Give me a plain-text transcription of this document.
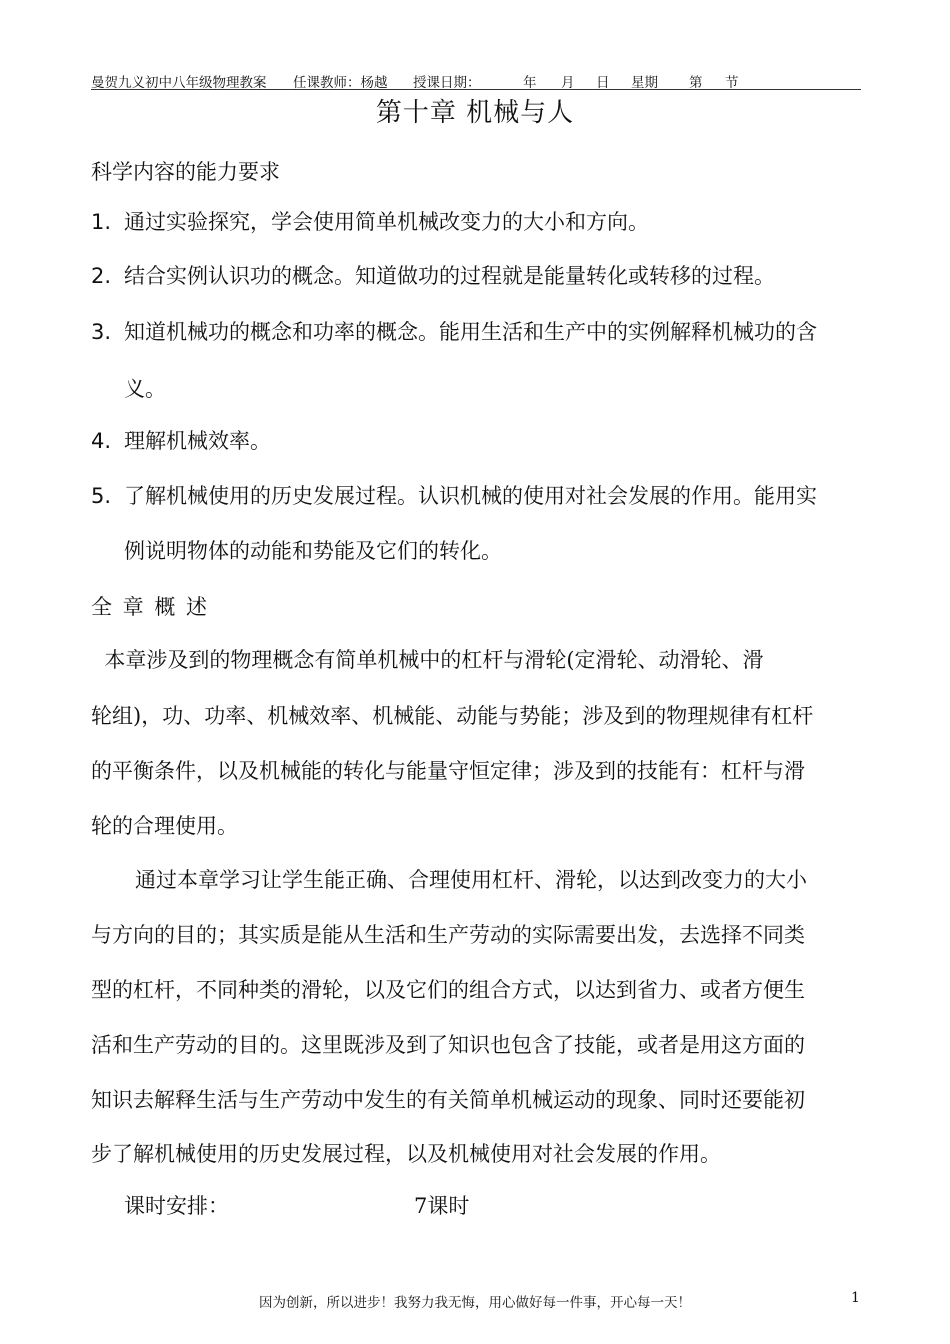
曼贺九义初中八年级物理教案 任课教师：杨越 授课日期：	年 月 日 星期 第 节
第十章 机械与人
科学内容的能力要求
1. 通过实验探究，学会使用简单机械改变力的大小和方向。
2. 结合实例认识功的概念。知道做功的过程就是能量转化或转移的过程。
3. 知道机械功的概念和功率的概念。能用生活和生产中的实例解释机械功的含
义。
4. 理解机械效率。
5. 了解机械使用的历史发展过程。认识机械的使用对社会发展的作用。能用实
例说明物体的动能和势能及它们的转化。
全 章 概 述
本章涉及到的物理概念有简单机械中的杠杆与滑轮(定滑轮、动滑轮、滑
轮组)，功、功率、机械效率、机械能、动能与势能；涉及到的物理规律有杠杆
的平衡条件，以及机械能的转化与能量守恒定律；涉及到的技能有：杠杆与滑
轮的合理使用。
通过本章学习让学生能正确、合理使用杠杆、滑轮，以达到改变力的大小
与方向的目的；其实质是能从生活和生产劳动的实际需要出发，去选择不同类
型的杠杆，不同种类的滑轮，以及它们的组合方式，以达到省力、或者方便生
活和生产劳动的目的。这里既涉及到了知识也包含了技能，或者是用这方面的
知识去解释生活与生产劳动中发生的有关简单机械运动的现象、同时还要能初
步了解机械使用的历史发展过程，以及机械使用对社会发展的作用。
课时安排：	7课时
因为创新，所以进步！我努力我无悔，用心做好每一件事，开心每一天！	1
